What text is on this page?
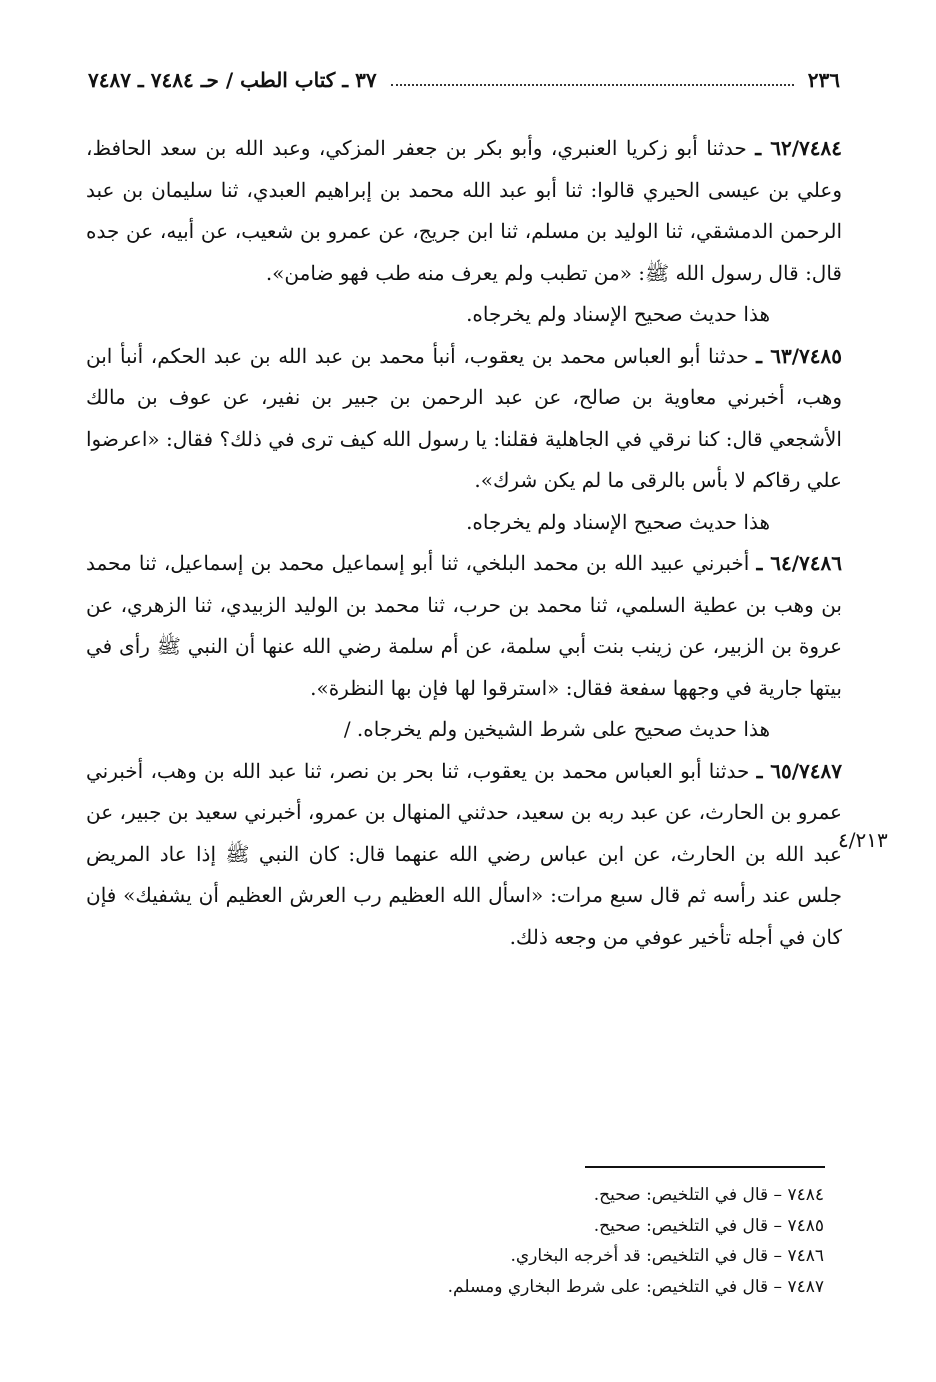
٢٣٦
٣٧ ـ كتاب الطب / حـ ٧٤٨٤ ـ ٧٤٨٧

٦٢/٧٤٨٤ ـ حدثنا أبو زكريا العنبري، وأبو بكر بن جعفر المزكي، وعبد الله بن سعد الحافظ، وعلي بن عيسى الحيري قالوا: ثنا أبو عبد الله محمد بن إبراهيم العبدي، ثنا سليمان بن عبد الرحمن الدمشقي، ثنا الوليد بن مسلم، ثنا ابن جريج، عن عمرو بن شعيب، عن أبيه، عن جده قال: قال رسول الله ﷺ: «من تطبب ولم يعرف منه طب فهو ضامن».

هذا حديث صحيح الإسناد ولم يخرجاه.

٦٣/٧٤٨٥ ـ حدثنا أبو العباس محمد بن يعقوب، أنبأ محمد بن عبد الله بن عبد الحكم، أنبأ ابن وهب، أخبرني معاوية بن صالح، عن عبد الرحمن بن جبير بن نفير، عن عوف بن مالك الأشجعي قال: كنا نرقي في الجاهلية فقلنا: يا رسول الله كيف ترى في ذلك؟ فقال: «اعرضوا علي رقاكم لا بأس بالرقى ما لم يكن شرك».

هذا حديث صحيح الإسناد ولم يخرجاه.

٦٤/٧٤٨٦ ـ أخبرني عبيد الله بن محمد البلخي، ثنا أبو إسماعيل محمد بن إسماعيل، ثنا محمد بن وهب بن عطية السلمي، ثنا محمد بن حرب، ثنا محمد بن الوليد الزبيدي، ثنا الزهري، عن عروة بن الزبير، عن زينب بنت أبي سلمة، عن أم سلمة رضي الله عنها أن النبي ﷺ رأى في بيتها جارية في وجهها سفعة فقال: «استرقوا لها فإن بها النظرة».

هذا حديث صحيح على شرط الشيخين ولم يخرجاه. /

٦٥/٧٤٨٧ ـ حدثنا أبو العباس محمد بن يعقوب، ثنا بحر بن نصر، ثنا عبد الله بن وهب، أخبرني عمرو بن الحارث، عن عبد ربه بن سعيد، حدثني المنهال بن عمرو، أخبرني سعيد بن جبير، عن عبد الله بن الحارث، عن ابن عباس رضي الله عنهما قال: كان النبي ﷺ إذا عاد المريض جلس عند رأسه ثم قال سبع مرات: «اسأل الله العظيم رب العرش العظيم أن يشفيك» فإن كان في أجله تأخير عوفي من وجعه ذلك.

٤/٢١٣
٧٤٨٤ – قال في التلخيص: صحيح.
٧٤٨٥ – قال في التلخيص: صحيح.
٧٤٨٦ – قال في التلخيص: قد أخرجه البخاري.
٧٤٨٧ – قال في التلخيص: على شرط البخاري ومسلم.
